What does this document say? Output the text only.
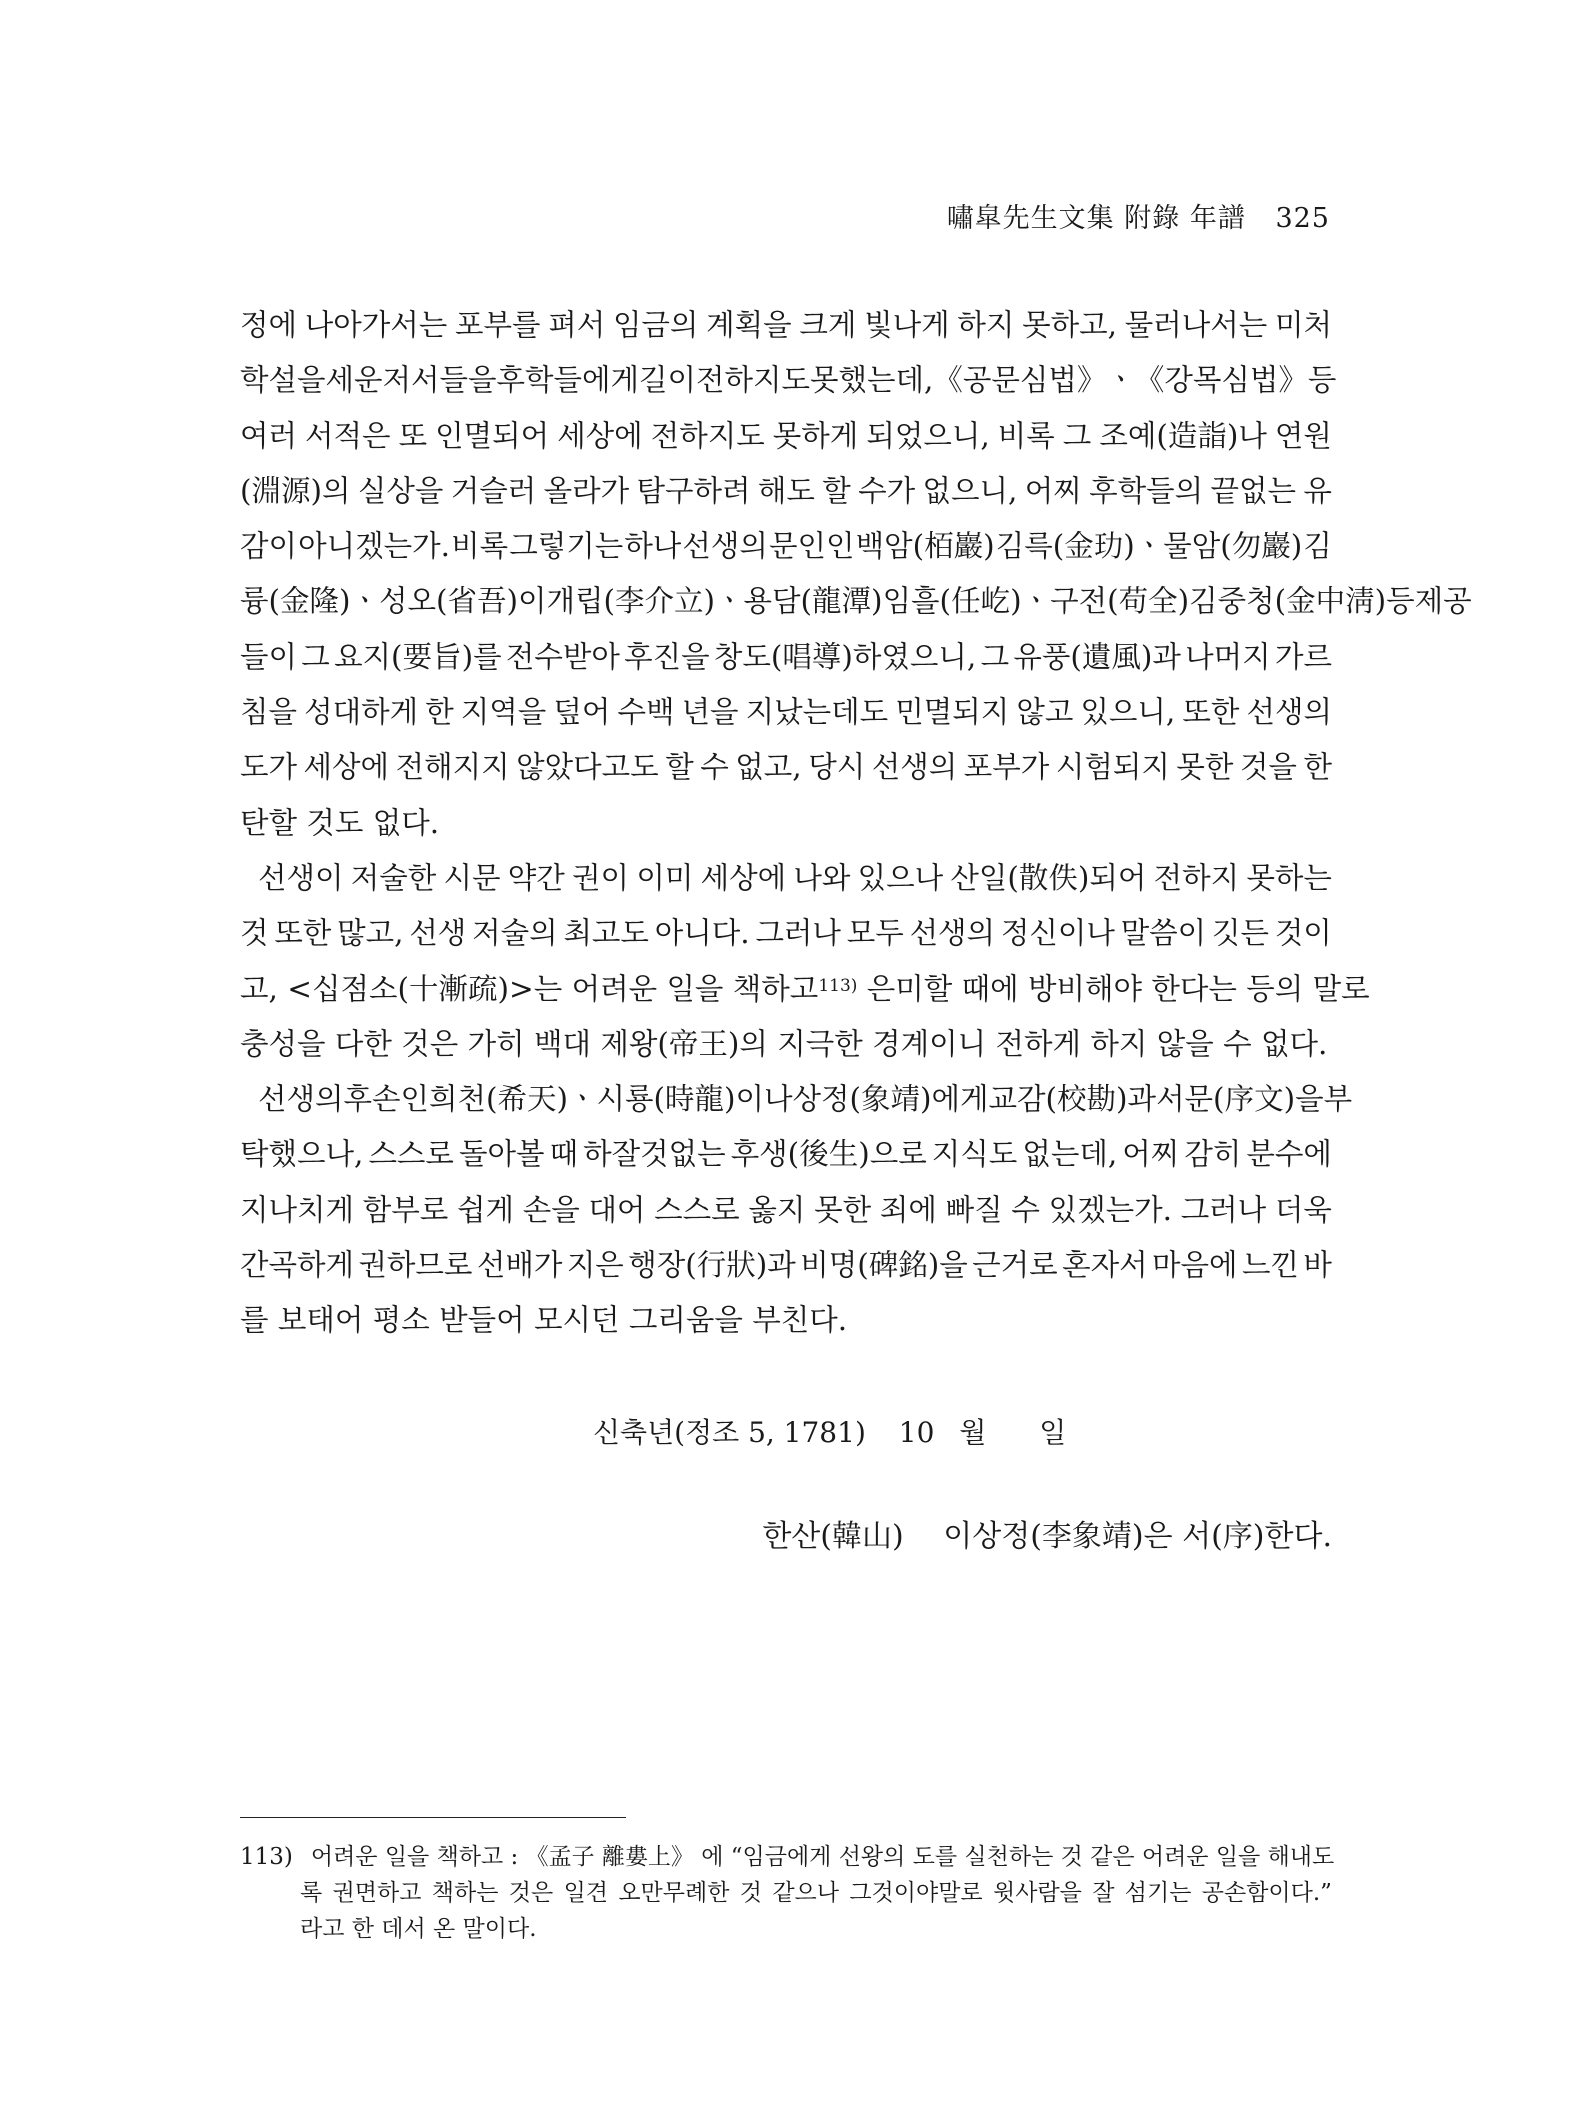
嘯皐先生文集 附錄 年譜 325
정에 나아가서는 포부를 펴서 임금의 계획을 크게 빛나게 하지 못하고, 물러나서는 미처
학설을 세운 저서들을 후학들에게 길이 전하지도 못했는데, 《공문심법》ㆍ《강목심법》 등
여러 서적은 또 인멸되어 세상에 전하지도 못하게 되었으니, 비록 그 조예(造詣)나 연원
(淵源)의 실상을 거슬러 올라가 탐구하려 해도 할 수가 없으니, 어찌 후학들의 끝없는 유
감이 아니겠는가. 비록 그렇기는 하나 선생의 문인인 백암(栢巖) 김륵(金玏)ㆍ물암(勿巖) 김
륭(金隆)ㆍ성오(省吾) 이개립(李介立)ㆍ용담(龍潭) 임흘(任屹)ㆍ구전(苟全) 김중청(金中淸)등 제공
들이 그 요지(要旨)를 전수받아 후진을 창도(唱導)하였으니, 그 유풍(遺風)과 나머지 가르
침을 성대하게 한 지역을 덮어 수백 년을 지났는데도 민멸되지 않고 있으니, 또한 선생의
도가 세상에 전해지지 않았다고도 할 수 없고, 당시 선생의 포부가 시험되지 못한 것을 한
탄할 것도 없다.
선생이 저술한 시문 약간 권이 이미 세상에 나와 있으나 산일(散佚)되어 전하지 못하는
것 또한 많고, 선생 저술의 최고도 아니다. 그러나 모두 선생의 정신이나 말씀이 깃든 것이
고, <십점소(十漸疏)>는 어려운 일을 책하고$^{113)}$ 은미할 때에 방비해야 한다는 등의 말로
충성을 다한 것은 가히 백대 제왕(帝王)의 지극한 경계이니 전하게 하지 않을 수 없다.
선생의 후손인 희천(希天)ㆍ시룡(時龍)이 나 상정(象靖)에게 교감(校勘)과 서문(序文)을 부
탁했으나, 스스로 돌아볼 때 하잘것없는 후생(後生)으로 지식도 없는데, 어찌 감히 분수에
지나치게 함부로 쉽게 손을 대어 스스로 옳지 못한 죄에 빠질 수 있겠는가. 그러나 더욱
간곡하게 권하므로 선배가 지은 행장(行狀)과 비명(碑銘)을 근거로 혼자서 마음에 느낀 바
를 보태어 평소 받들어 모시던 그리움을 부친다.
신축년(정조 5, 1781) 10 월 일
한산(韓山) 이상정(李象靖)은 서(序)한다.
113) 어려운 일을 책하고 : 《孟子 離婁上》 에 “임금에게 선왕의 도를 실천하는 것 같은 어려운 일을 해내도
록 권면하고 책하는 것은 일견 오만무례한 것 같으나 그것이야말로 윗사람을 잘 섬기는 공손함이다.”
라고 한 데서 온 말이다.
